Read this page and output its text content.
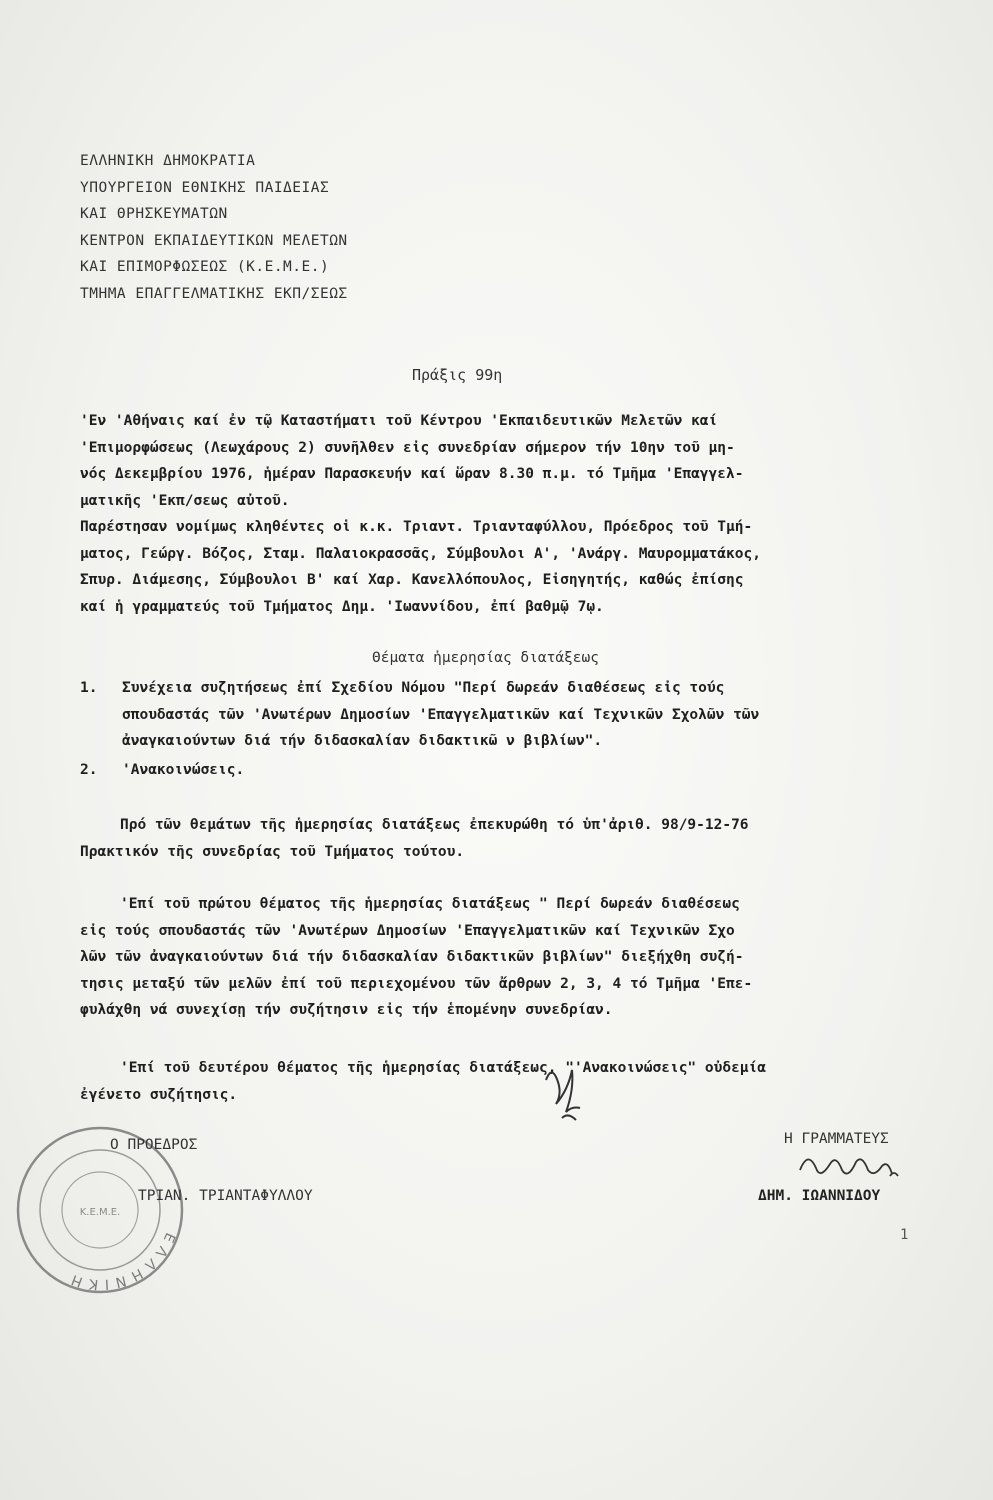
ΕΛΛΗΝΙΚΗ ΔΗΜΟΚΡΑΤΙΑ
ΥΠΟΥΡΓΕΙΟΝ ΕΘΝΙΚΗΣ ΠΑΙΔΕΙΑΣ
ΚΑΙ ΘΡΗΣΚΕΥΜΑΤΩΝ
ΚΕΝΤΡΟΝ ΕΚΠΑΙΔΕΥΤΙΚΩΝ ΜΕΛΕΤΩΝ
ΚΑΙ ΕΠΙΜΟΡΦΩΣΕΩΣ (Κ.Ε.Μ.Ε.)
ΤΜΗΜΑ ΕΠΑΓΓΕΛΜΑΤΙΚΗΣ ΕΚΠ/ΣΕΩΣ
Πράξις 99η
'Εν 'Αθήναις καί ἐν τῷ Καταστήματι τοῦ Κέντρου 'Εκπαιδευτικῶν Μελετῶν καί
'Επιμορφώσεως (Λεωχάρους 2) συνῆλθεν εἰς συνεδρίαν σήμερον τήν 10ην τοῦ μη-
νός Δεκεμβρίου 1976, ἡμέραν Παρασκευήν καί ὥραν 8.30 π.μ. τό Τμῆμα 'Επαγγελ-
ματικῆς 'Εκπ/σεως αὐτοῦ.
Παρέστησαν νομίμως κληθέντες οἱ κ.κ. Τριαντ. Τριανταφύλλου, Πρόεδρος τοῦ Τμή-
ματος, Γεώργ. Βόζος, Σταμ. Παλαιοκρασσᾶς, Σύμβουλοι Α', 'Ανάργ. Μαυρομματάκος,
Σπυρ. Διάμεσης, Σύμβουλοι Β' καί Χαρ. Κανελλόπουλος, Εἰσηγητής, καθώς ἐπίσης
καί ἡ γραμματεύς τοῦ Τμήματος Δημ. 'Ιωαννίδου, ἐπί βαθμῷ 7ῳ.
Θέματα ἡμερησίας διατάξεως
1. Συνέχεια συζητήσεως ἐπί Σχεδίου Νόμου "Περί δωρεάν διαθέσεως εἰς τούς
σπουδαστάς τῶν 'Ανωτέρων Δημοσίων 'Επαγγελματικῶν καί Τεχνικῶν Σχολῶν τῶν
ἀναγκαιούντων διά τήν διδασκαλίαν διδακτικῶ ν βιβλίων".
2. 'Ανακοινώσεις.
Πρό τῶν θεμάτων τῆς ἡμερησίας διατάξεως ἐπεκυρώθη τό ὑπ'ἀριθ. 98/9-12-76
Πρακτικόν τῆς συνεδρίας τοῦ Τμήματος τούτου.
'Επί τοῦ πρώτου θέματος τῆς ἡμερησίας διατάξεως " Περί δωρεάν διαθέσεως
εἰς τούς σπουδαστάς τῶν 'Ανωτέρων Δημοσίων 'Επαγγελματικῶν καί Τεχνικῶν Σχο
λῶν τῶν ἀναγκαιούντων διά τήν διδασκαλίαν διδακτικῶν βιβλίων" διεξήχθη συζή-
τησις μεταξύ τῶν μελῶν ἐπί τοῦ περιεχομένου τῶν ἄρθρων 2, 3, 4 τό Τμῆμα 'Επε-
φυλάχθη νά συνεχίσῃ τήν συζήτησιν εἰς τήν ἑπομένην συνεδρίαν.
'Επί τοῦ δευτέρου θέματος τῆς ἡμερησίας διατάξεως, "'Ανακοινώσεις" οὐδεμία
ἐγένετο συζήτησις.
ΕΛΛΗΝΙΚΗ
Κ.Ε.Μ.Ε.
Ο ΠΡΟΕΔΡΟΣ
ΤΡΙΑΝ. ΤΡΙΑΝΤΑΦΥΛΛΟΥ
Η ΓΡΑΜΜΑΤΕΥΣ
ΔΗΜ. ΙΩΑΝΝΙΔΟΥ
1
